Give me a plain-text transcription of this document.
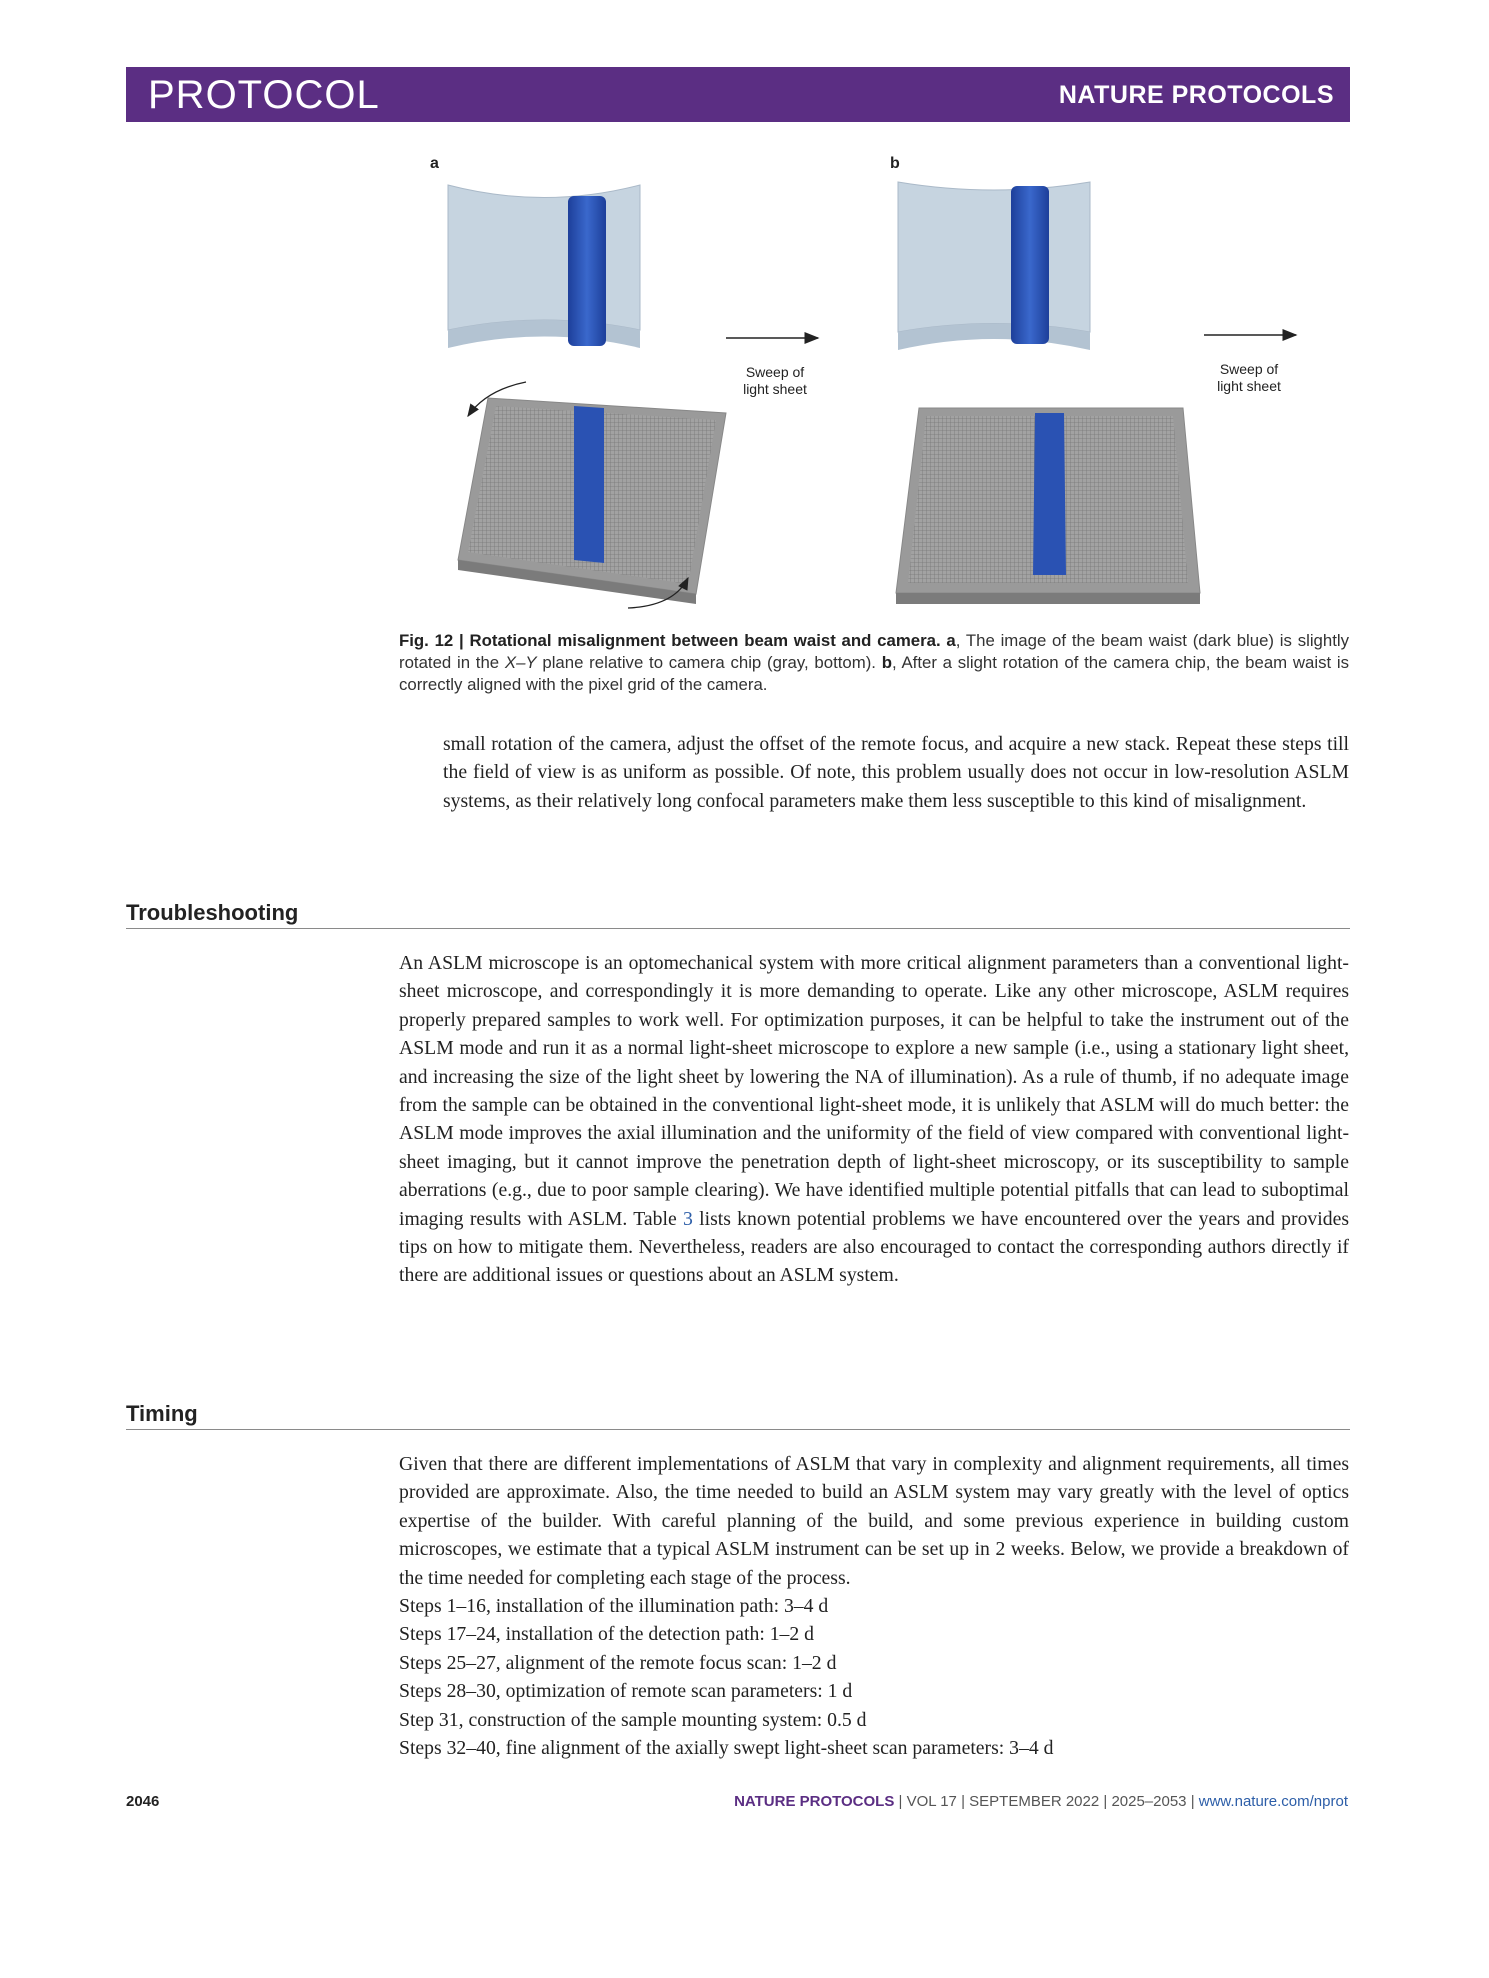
PROTOCOL	NATURE PROTOCOLS
a
Sweep of
light sheet
b
Sweep of
light sheet
Fig. 12 | Rotational misalignment between beam waist and camera. a, The image of the beam waist (dark blue) is slightly rotated in the X–Y plane relative to camera chip (gray, bottom). b, After a slight rotation of the camera chip, the beam waist is correctly aligned with the pixel grid of the camera.

small rotation of the camera, adjust the offset of the remote focus, and acquire a new stack. Repeat these steps till the field of view is as uniform as possible. Of note, this problem usually does not occur in low-resolution ASLM systems, as their relatively long confocal parameters make them less susceptible to this kind of misalignment.

Troubleshooting

An ASLM microscope is an optomechanical system with more critical alignment parameters than a conventional light-sheet microscope, and correspondingly it is more demanding to operate. Like any other microscope, ASLM requires properly prepared samples to work well. For optimization purposes, it can be helpful to take the instrument out of the ASLM mode and run it as a normal light-sheet microscope to explore a new sample (i.e., using a stationary light sheet, and increasing the size of the light sheet by lowering the NA of illumination). As a rule of thumb, if no adequate image from the sample can be obtained in the conventional light-sheet mode, it is unlikely that ASLM will do much better: the ASLM mode improves the axial illumination and the uniformity of the field of view compared with conventional light-sheet imaging, but it cannot improve the penetration depth of light-sheet microscopy, or its susceptibility to sample aberrations (e.g., due to poor sample clearing). We have identified multiple potential pitfalls that can lead to suboptimal imaging results with ASLM. Table 3 lists known potential problems we have encountered over the years and provides tips on how to mitigate them. Nevertheless, readers are also encouraged to contact the corresponding authors directly if there are additional issues or questions about an ASLM system.

Timing
Given that there are different implementations of ASLM that vary in complexity and alignment requirements, all times provided are approximate. Also, the time needed to build an ASLM system may vary greatly with the level of optics expertise of the builder. With careful planning of the build, and some previous experience in building custom microscopes, we estimate that a typical ASLM instrument can be set up in 2 weeks. Below, we provide a breakdown of the time needed for completing each stage of the process.
Steps 1–16, installation of the illumination path: 3–4 d
Steps 17–24, installation of the detection path: 1–2 d
Steps 25–27, alignment of the remote focus scan: 1–2 d
Steps 28–30, optimization of remote scan parameters: 1 d
Step 31, construction of the sample mounting system: 0.5 d
Steps 32–40, fine alignment of the axially swept light-sheet scan parameters: 3–4 d
2046	NATURE PROTOCOLS | VOL 17 | SEPTEMBER 2022 | 2025–2053 | www.nature.com/nprot
